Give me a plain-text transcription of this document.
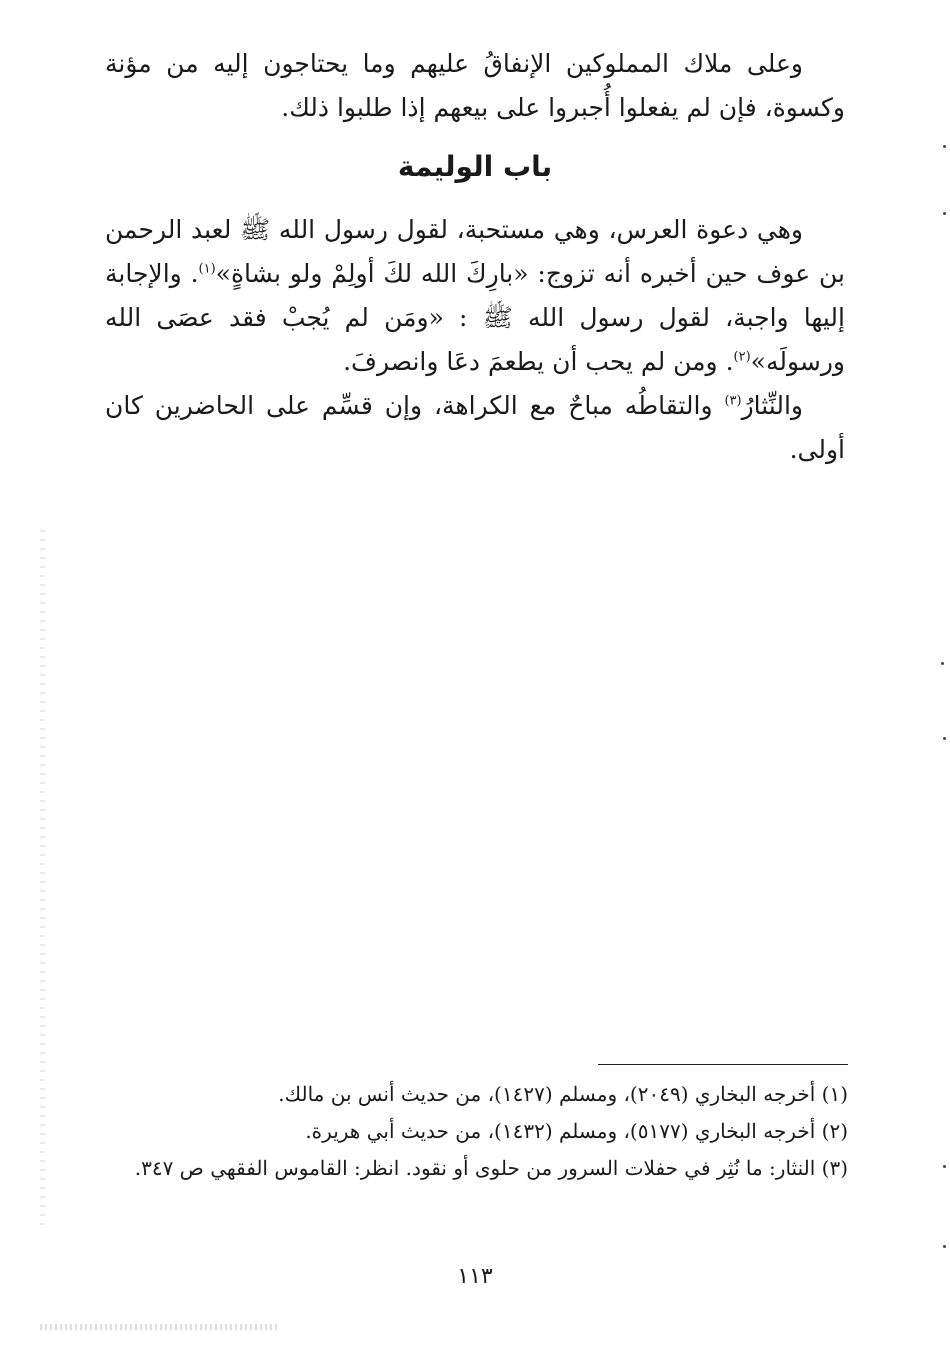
وعلى ملاك المملوكين الإنفاقُ عليهم وما يحتاجون إليه من مؤنة وكسوة، فإن لم يفعلوا أُجبروا على بيعهم إذا طلبوا ذلك.

باب الوليمة

وهي دعوة العرس، وهي مستحبة، لقول رسول الله ﷺ لعبد الرحمن بن عوف حين أخبره أنه تزوج: «بارِكَ الله لكَ أولِمْ ولو بشاةٍ»$^{(١)}$. والإجابة إليها واجبة، لقول رسول الله ﷺ : «ومَن لم يُجبْ فقد عصَى الله ورسولَه»$^{(٢)}$. ومن لم يحب أن يطعمَ دعَا وانصرفَ.

والنِّثارُ$^{(٣)}$ والتقاطُه مباحٌ مع الكراهة، وإن قسِّم على الحاضرين كان أولى.

(١) أخرجه البخاري (٢٠٤٩)، ومسلم (١٤٢٧)، من حديث أنس بن مالك.

(٢) أخرجه البخاري (٥١٧٧)، ومسلم (١٤٣٢)، من حديث أبي هريرة.

(٣) النثار: ما نُثِر في حفلات السرور من حلوى أو نقود. انظر: القاموس الفقهي ص ٣٤٧.

١١٣
